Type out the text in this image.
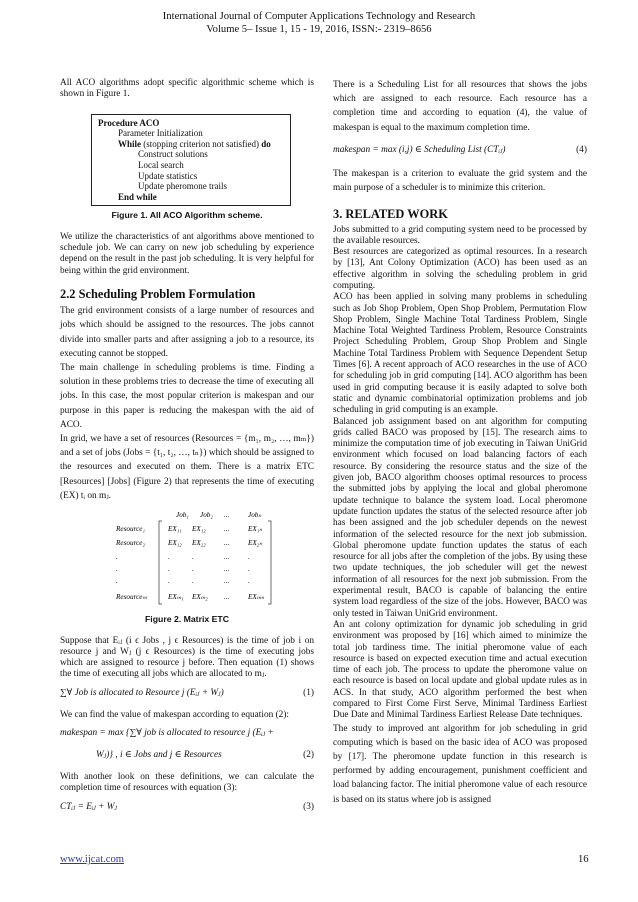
International Journal of Computer Applications Technology and Research
Volume 5– Issue 1, 15 - 19, 2016, ISSN:- 2319–8656

All ACO algorithms adopt specific algorithmic scheme which is shown in Figure 1.

Procedure ACO
Parameter Initialization
While (stopping criterion not satisfied) do
Construct solutions
Local search
Update statistics
Update pheromone trails
End while
Figure 1. All ACO Algorithm scheme.

We utilize the characteristics of ant algorithms above mentioned to schedule job. We can carry on new job scheduling by experience depend on the result in the past job scheduling. It is very helpful for being within the grid environment.

2.2 Scheduling Problem Formulation

The grid environment consists of a large number of resources and jobs which should be assigned to the resources. The jobs cannot divide into smaller parts and after assigning a job to a resource, its executing cannot be stopped.

The main challenge in scheduling problems is time. Finding a solution in these problems tries to decrease the time of executing all jobs. In this case, the most popular criterion is makespan and our purpose in this paper is reducing the makespan with the aid of ACO.

In grid, we have a set of resources (Resources = {m₁, m₂, …, mₘ}) and a set of jobs (Jobs = {t₁, t₂, …, tₙ}) which should be assigned to the resources and executed on them. There is a matrix ETC [Resources] [Jobs] (Figure 2) that represents the time of executing (EX) tᵢ on mⱼ.

Job₁ Job₂ ...	Jobₙ
Resource₁	EX₁₁ EX₁₂	...	EX₁ₙ
Resource₂	EX₁₂ EX₂₂	...	EX₂ₙ
.	.	.	...	.
.	.	.	...	.
.	.	.	...	.
Resourceₘ	EXₘ₁ EXₘ₂ ...	EXₘₙ
Figure 2. Matrix ETC

Suppose that Eᵢⱼ (i ϵ Jobs , j ϵ Resources) is the time of job i on resource j and Wⱼ (j ϵ Resources) is the time of executing jobs which are assigned to resource j before. Then equation (1) shows the time of executing all jobs which are allocated to mⱼ.

∑∀ Job is allocated to Resource j (Eᵢⱼ + Wⱼ)	(1)

We can find the value of makespan according to equation (2):

makespan = max {∑∀ job is allocated to resource j (Eᵢⱼ +
Wⱼ)} , i ∈ Jobs and j ∈ Resources	(2)

With another look on these definitions, we can calculate the completion time of resources with equation (3):

CTᵢⱼ = Eᵢⱼ + Wⱼ	(3)

There is a Scheduling List for all resources that shows the jobs which are assigned to each resource. Each resource has a completion time and according to equation (4), the value of makespan is equal to the maximum completion time.

makespan = max (i,j) ∈ Scheduling List (CTᵢⱼ)	(4)

The makespan is a criterion to evaluate the grid system and the main purpose of a scheduler is to minimize this criterion.

3. RELATED WORK

Jobs submitted to a grid computing system need to be processed by the available resources.

Best resources are categorized as optimal resources. In a research by [13], Ant Colony Optimization (ACO) has been used as an effective algorithm in solving the scheduling problem in grid computing.

ACO has been applied in solving many problems in scheduling such as Job Shop Problem, Open Shop Problem, Permutation Flow Shop Problem, Single Machine Total Tardiness Problem, Single Machine Total Weighted Tardiness Problem, Resource Constraints Project Scheduling Problem, Group Shop Problem and Single Machine Total Tardiness Problem with Sequence Dependent Setup Times [6]. A recent approach of ACO researches in the use of ACO for scheduling job in grid computing [14]. ACO algorithm has been used in grid computing because it is easily adapted to solve both static and dynamic combinatorial optimization problems and job scheduling in grid computing is an example.

Balanced job assignment based on ant algorithm for computing grids called BACO was proposed by [15]. The research aims to minimize the computation time of job executing in Taiwan UniGrid environment which focused on load balancing factors of each resource. By considering the resource status and the size of the given job, BACO algorithm chooses optimal resources to process the submitted jobs by applying the local and global pheromone update technique to balance the system load. Local pheromone update function updates the status of the selected resource after job has been assigned and the job scheduler depends on the newest information of the selected resource for the next job submission. Global pheromone update function updates the status of each resource for all jobs after the completion of the jobs. By using these two update techniques, the job scheduler will get the newest information of all resources for the next job submission. From the experimental result, BACO is capable of balancing the entire system load regardless of the size of the jobs. However, BACO was only tested in Taiwan UniGrid environment.

An ant colony optimization for dynamic job scheduling in grid environment was proposed by [16] which aimed to minimize the total job tardiness time. The initial pheromone value of each resource is based on expected execution time and actual execution time of each job. The process to update the pheromone value on each resource is based on local update and global update rules as in ACS. In that study, ACO algorithm performed the best when compared to First Come First Serve, Minimal Tardiness Earliest Due Date and Minimal Tardiness Earliest Release Date techniques.

The study to improved ant algorithm for job scheduling in grid computing which is based on the basic idea of ACO was proposed by [17]. The pheromone update function in this research is performed by adding encouragement, punishment coefficient and load balancing factor. The initial pheromone value of each resource is based on its status where job is assigned

www.ijcat.com	16
